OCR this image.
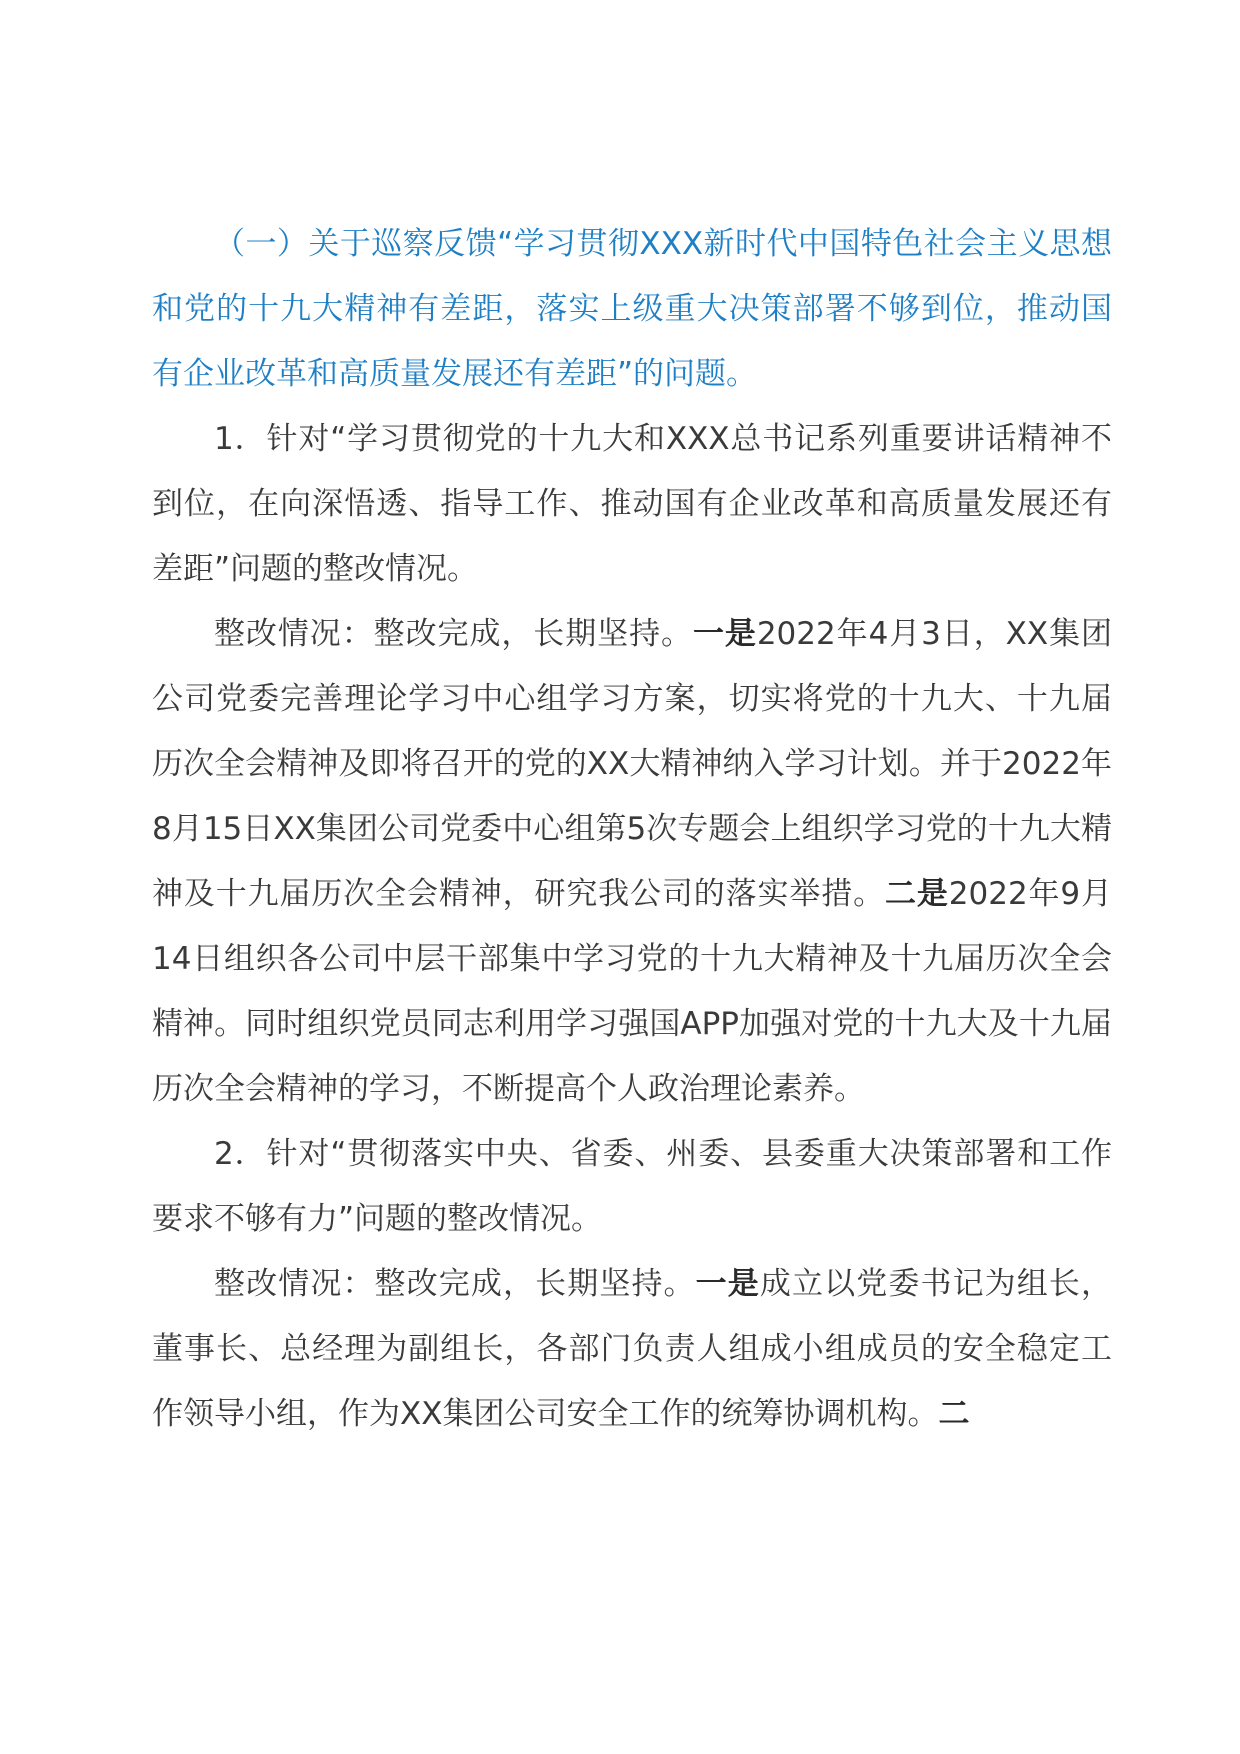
（一）关于巡察反馈“学习贯彻XXX新时代中国特色社会主义思想和党的十九大精神有差距，落实上级重大决策部署不够到位，推动国有企业改革和高质量发展还有差距”的问题。

1．针对“学习贯彻党的十九大和XXX总书记系列重要讲话精神不到位，在向深悟透、指导工作、推动国有企业改革和高质量发展还有差距”问题的整改情况。

整改情况：整改完成，长期坚持。一是2022年4月3日，XX集团公司党委完善理论学习中心组学习方案，切实将党的十九大、十九届历次全会精神及即将召开的党的XX大精神纳入学习计划。并于2022年8月15日XX集团公司党委中心组第5次专题会上组织学习党的十九大精神及十九届历次全会精神，研究我公司的落实举措。二是2022年9月14日组织各公司中层干部集中学习党的十九大精神及十九届历次全会精神。同时组织党员同志利用学习强国APP加强对党的十九大及十九届历次全会精神的学习，不断提高个人政治理论素养。

2．针对“贯彻落实中央、省委、州委、县委重大决策部署和工作要求不够有力”问题的整改情况。

整改情况：整改完成，长期坚持。一是成立以党委书记为组长，董事长、总经理为副组长，各部门负责人组成小组成员的安全稳定工作领导小组，作为XX集团公司安全工作的统筹协调机构。二
